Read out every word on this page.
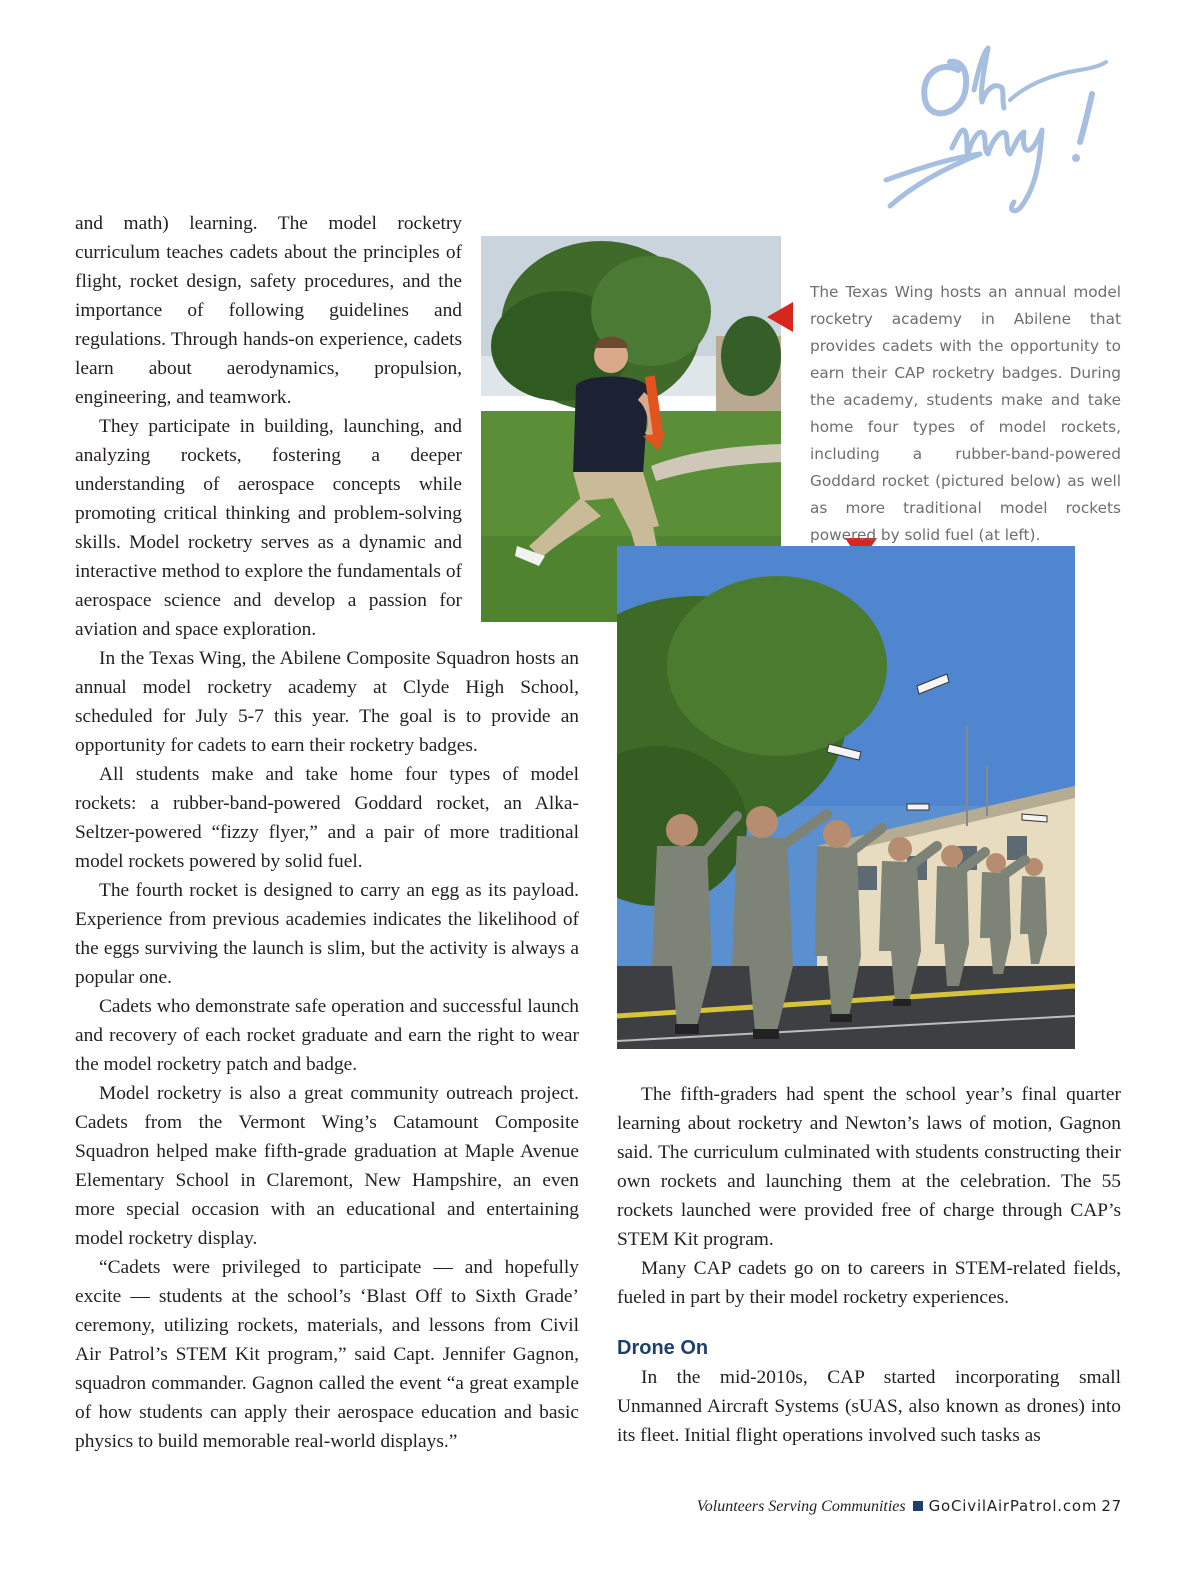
Oh my!

and math) learning. The model rocketry curriculum teaches cadets about the principles of flight, rocket design, safety procedures, and the importance of following guidelines and regulations. Through hands-on experience, cadets learn about aerodynamics, propulsion, engineering, and teamwork.

They participate in building, launching, and analyzing rockets, fostering a deeper understanding of aerospace concepts while promoting critical thinking and problem-solving skills. Model rocketry serves as a dynamic and interactive method to explore the fundamentals of aerospace science and develop a passion for aviation and space exploration.

The Texas Wing hosts an annual model rocketry academy in Abilene that provides cadets with the opportunity to earn their CAP rocketry badges. During the academy, students make and take home four types of model rockets, including a rubber-band-powered Goddard rocket (pictured below) as well as more traditional model rockets powered by solid fuel (at left).

In the Texas Wing, the Abilene Composite Squadron hosts an annual model rocketry academy at Clyde High School, scheduled for July 5-7 this year. The goal is to provide an opportunity for cadets to earn their rocketry badges.

All students make and take home four types of model rockets: a rubber-band-powered Goddard rocket, an Alka-Seltzer-powered “fizzy flyer,” and a pair of more traditional model rockets powered by solid fuel.

The fourth rocket is designed to carry an egg as its payload. Experience from previous academies indicates the likelihood of the eggs surviving the launch is slim, but the activity is always a popular one.

Cadets who demonstrate safe operation and successful launch and recovery of each rocket graduate and earn the right to wear the model rocketry patch and badge.

Model rocketry is also a great community outreach project. Cadets from the Vermont Wing’s Catamount Composite Squadron helped make fifth-grade graduation at Maple Avenue Elementary School in Claremont, New Hampshire, an even more special occasion with an educational and entertaining model rocketry display.

“Cadets were privileged to participate — and hopefully excite — students at the school’s ‘Blast Off to Sixth Grade’ ceremony, utilizing rockets, materials, and lessons from Civil Air Patrol’s STEM Kit program,” said Capt. Jennifer Gagnon, squadron commander. Gagnon called the event “a great example of how students can apply their aerospace education and basic physics to build memorable real-world displays.”

The fifth-graders had spent the school year’s final quarter learning about rocketry and Newton’s laws of motion, Gagnon said. The curriculum culminated with students constructing their own rockets and launching them at the celebration. The 55 rockets launched were provided free of charge through CAP’s STEM Kit program.

Many CAP cadets go on to careers in STEM-related fields, fueled in part by their model rocketry experiences.

Drone On

In the mid-2010s, CAP started incorporating small Unmanned Aircraft Systems (sUAS, also known as drones) into its fleet. Initial flight operations involved such tasks as

Volunteers Serving Communities GoCivilAirPatrol.com 27
